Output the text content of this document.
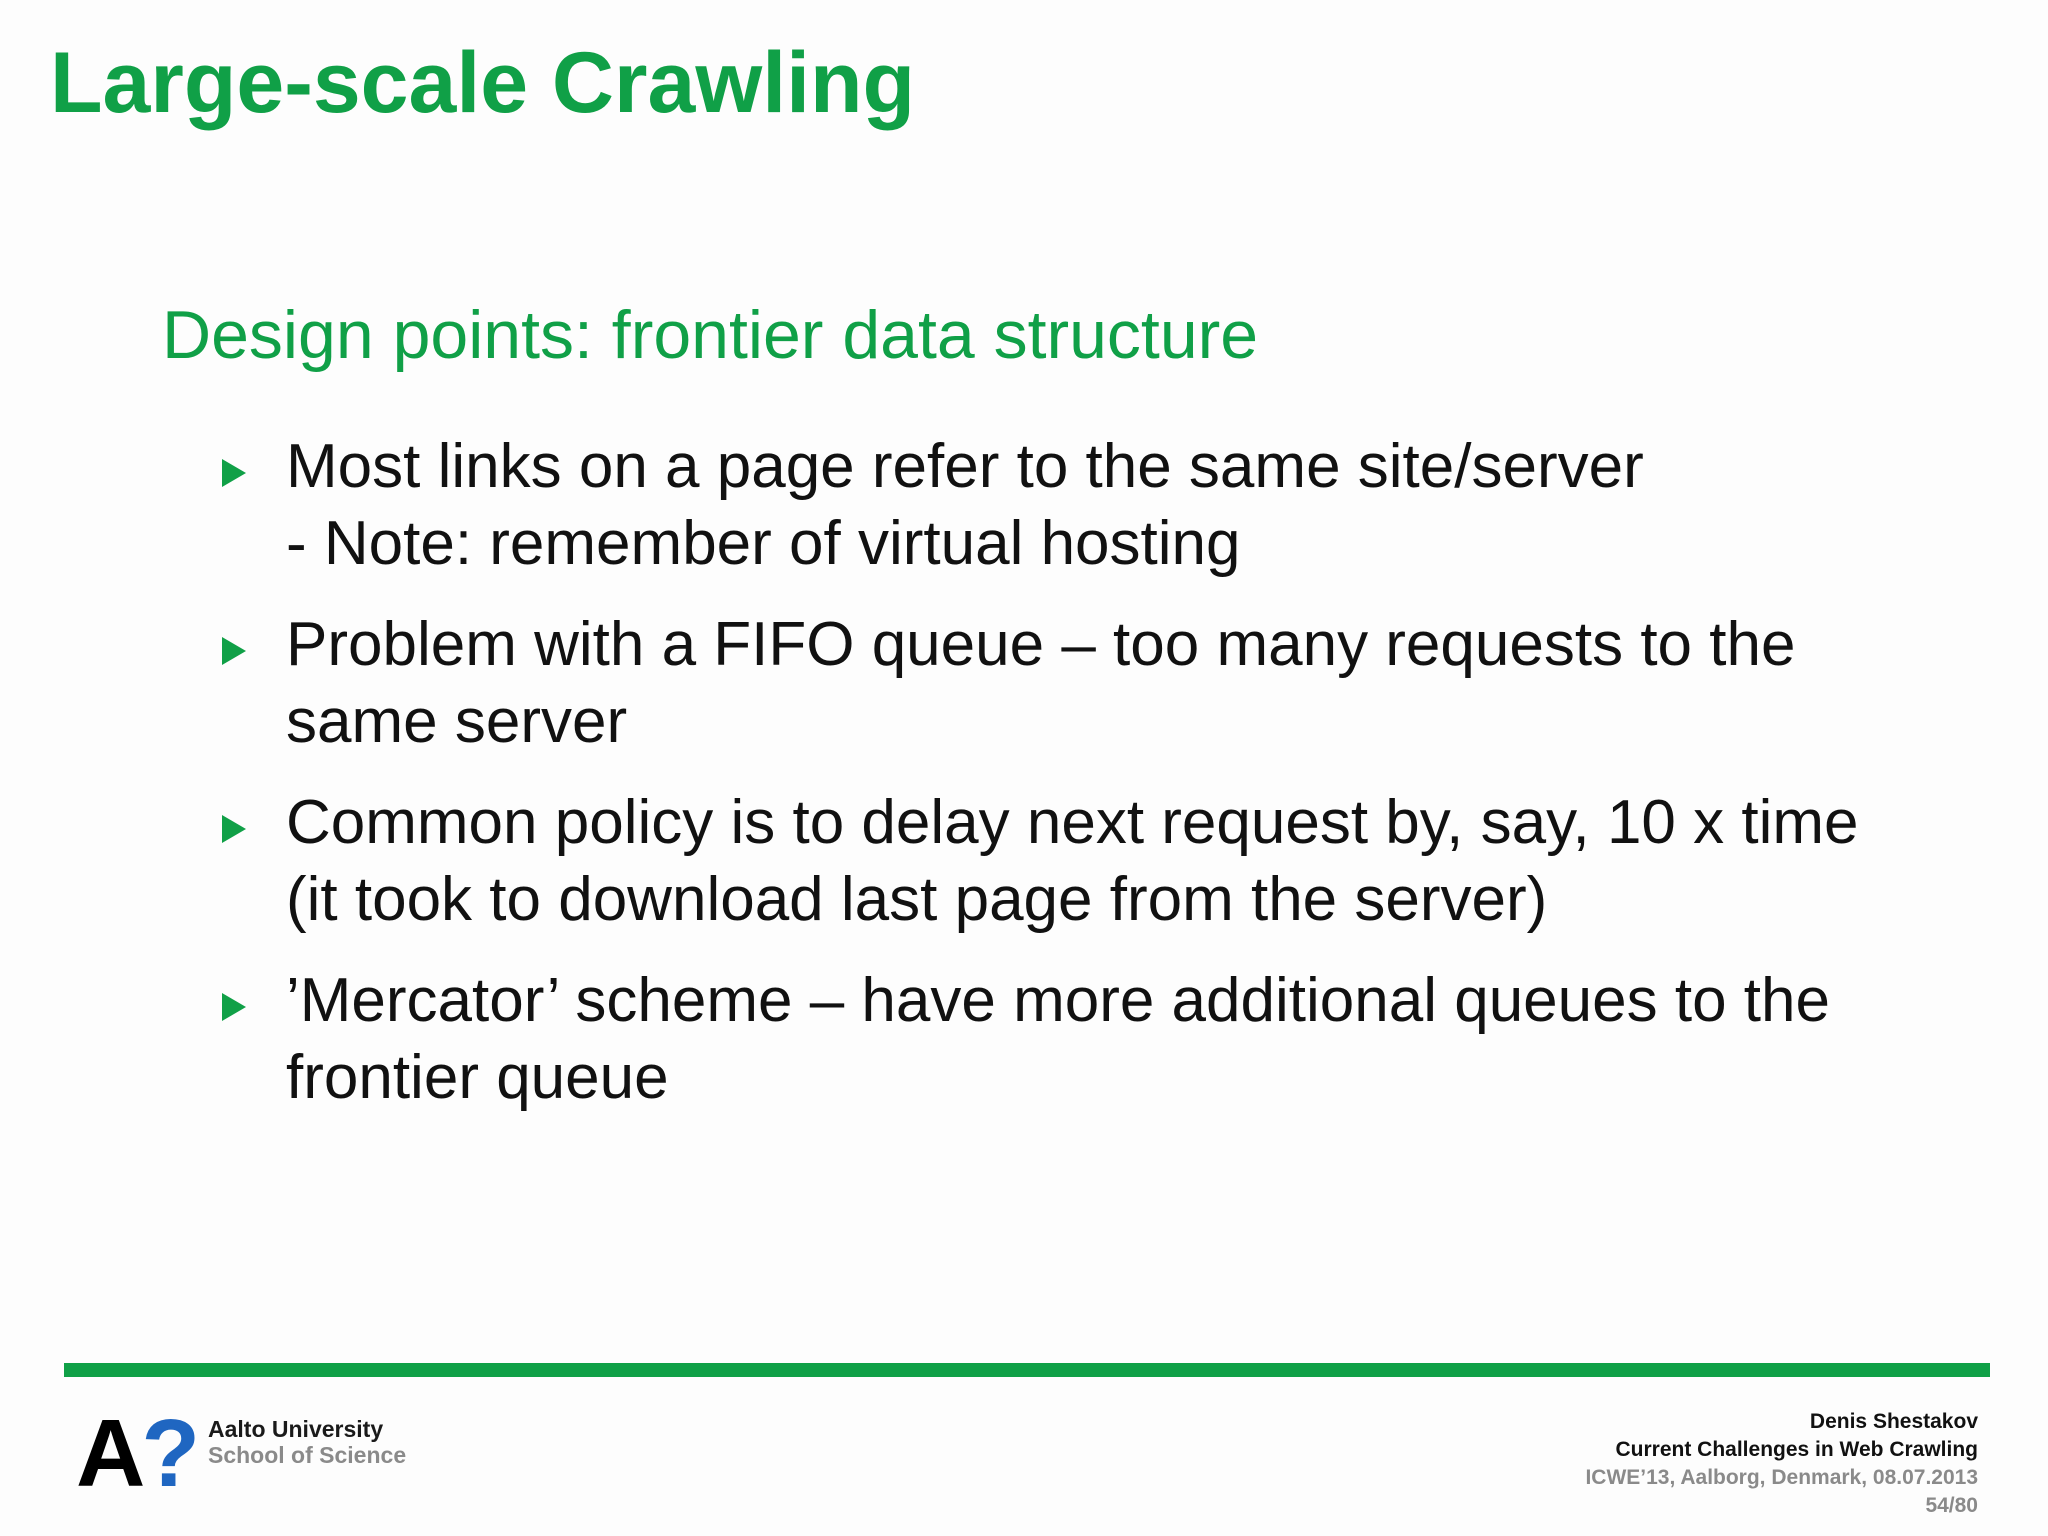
Large-scale Crawling
Design points: frontier data structure
Most links on a page refer to the same site/server
- Note: remember of virtual hosting
Problem with a FIFO queue – too many requests to the
same server
Common policy is to delay next request by, say, 10 x time
(it took to download last page from the server)
’Mercator’ scheme – have more additional queues to the
frontier queue
A ? Aalto University
School of Science
Denis Shestakov
Current Challenges in Web Crawling
ICWE’13, Aalborg, Denmark, 08.07.2013
54/80
